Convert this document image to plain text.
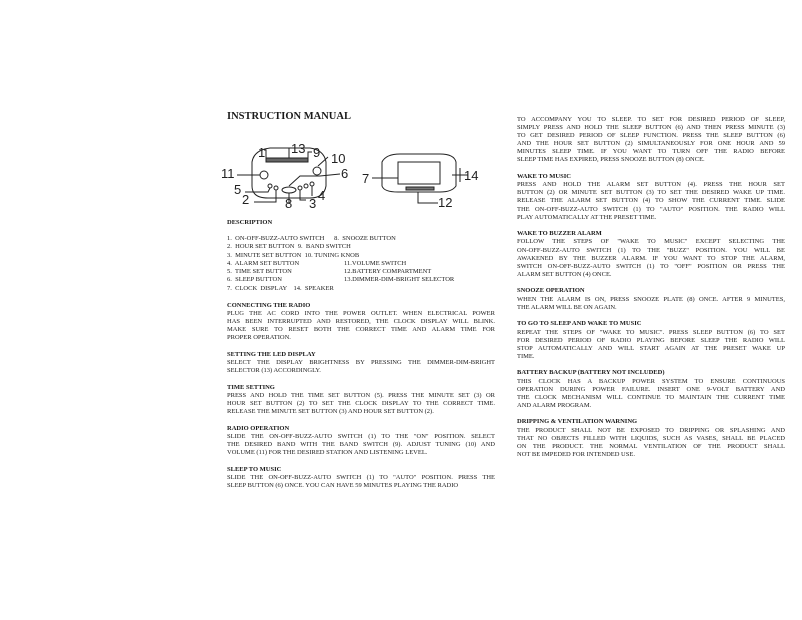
INSTRUCTION MANUAL
1 13 9 10
11	6
5
2	8 3
4
7	14
12
DESCRIPTION
1.  ON-OFF-BUZZ-AUTO SWITCH      8.  SNOOZE BUTTON
2.  HOUR SET BUTTON  9.  BAND SWITCH
3.  MINUTE SET BUTTON  10. TUNING KNOB
4.  ALARM SET BUTTON	11.VOLUME SWITCH
5.  TIME SET BUTTON	12.BATTERY COMPARTMENT
6.  SLEEP BUTTON	13.DIMMER-DIM-BRIGHT SELECTOR
7.  CLOCK  DISPLAY    14.  SPEAKER
CONNECTING THE RADIO
PLUG THE AC CORD INTO THE POWER OUTLET. WHEN ELECTRICAL POWER
HAS BEEN INTERRUPTED AND RESTORED, THE CLOCK DISPLAY WILL BLINK.
MAKE SURE TO RESET BOTH THE CORRECT TIME AND ALARM TIME FOR
PROPER OPERATION.
SETTING THE LED DISPLAY
SELECT THE DISPLAY BRIGHTNESS BY PRESSING THE DIMMER-DIM-BRIGHT
SELECTOR (13) ACCORDINGLY.
TIME SETTING
PRESS AND HOLD THE TIME SET BUTTON (5). PRESS THE MINUTE SET (3) OR
HOUR SET BUTTON (2) TO SET THE CLOCK DISPLAY TO THE CORRECT TIME.
RELEASE THE MINUTE SET BUTTON (3) AND HOUR SET BUTTON (2).
RADIO OPERATION
SLIDE THE ON-OFF-BUZZ-AUTO SWITCH (1) TO THE "ON" POSITION. SELECT
THE DESIRED BAND WITH THE BAND SWITCH (9). ADJUST TUNING (10) AND
VOLUME (11) FOR THE DESIRED STATION AND LISTENING LEVEL.
SLEEP TO MUSIC
SLIDE THE ON-OFF-BUZZ-AUTO SWITCH (1) TO "AUTO" POSITION. PRESS THE
SLEEP BUTTON (6) ONCE. YOU CAN HAVE 59 MINUTES PLAYING THE RADIO
TO ACCOMPANY YOU TO SLEEP. TO SET FOR DESIRED PERIOD OF SLEEP,
SIMPLY PRESS AND HOLD THE SLEEP BUTTON (6) AND THEN PRESS MINUTE (3)
TO GET DESIRED PERIOD OF SLEEP FUNCTION. PRESS THE SLEEP BUTTON (6)
AND THE HOUR SET BUTTON (2) SIMULTANEOUSLY FOR ONE HOUR AND 59
MINUTES SLEEP TIME. IF YOU WANT TO TURN OFF THE RADIO BEFORE
SLEEP TIME HAS EXPIRED, PRESS SNOOZE BUTTON (8) ONCE.
WAKE TO MUSIC
PRESS AND HOLD THE ALARM SET BUTTON (4). PRESS THE HOUR SET
BUTTON (2) OR MINUTE SET BUTTON (3) TO SET THE DESIRED WAKE UP TIME.
RELEASE THE ALARM SET BUTTON (4) TO SHOW THE CURRENT TIME. SLIDE
THE ON-OFF-BUZZ-AUTO SWITCH (1) TO "AUTO" POSITION. THE RADIO WILL
PLAY AUTOMATICALLY AT THE PRESET TIME.
WAKE TO BUZZER ALARM
FOLLOW THE STEPS OF "WAKE TO MUSIC" EXCEPT SELECTING THE
ON-OFF-BUZZ-AUTO SWITCH (1) TO THE "BUZZ" POSITION. YOU WILL BE
AWAKENED BY THE BUZZER ALARM. IF YOU WANT TO STOP THE ALARM,
SWITCH ON-OFF-BUZZ-AUTO SWITCH (1) TO "OFF" POSITION OR PRESS THE
ALARM SET BUTTON (4) ONCE.
SNOOZE OPERATION
WHEN THE ALARM IS ON, PRESS SNOOZE PLATE (8) ONCE. AFTER 9 MINUTES,
THE ALARM WILL BE ON AGAIN.
TO GO TO SLEEP AND WAKE TO MUSIC
REPEAT THE STEPS OF "WAKE TO MUSIC". PRESS SLEEP BUTTON (6) TO SET
FOR DESIRED PERIOD OF RADIO PLAYING BEFORE SLEEP THE RADIO WILL
STOP AUTOMATICALLY AND WILL START AGAIN AT THE PRESET WAKE UP
TIME.
BATTERY BACKUP (BATTERY NOT INCLUDED)
THIS CLOCK HAS A BACKUP POWER SYSTEM TO ENSURE CONTINUOUS
OPERATION DURING POWER FAILURE. INSERT ONE 9-VOLT BATTERY AND
THE CLOCK MECHANISM WILL CONTINUE TO MAINTAIN THE CURRENT TIME
AND ALARM PROGRAM.
DRIPPING & VENTILATION WARNING
THE PRODUCT SHALL NOT BE EXPOSED TO DRIPPING OR SPLASHING AND
THAT NO OBJECTS FILLED WITH LIQUIDS, SUCH AS VASES, SHALL BE PLACED
ON THE PRODUCT. THE NORMAL VENTILATION OF THE PRODUCT SHALL
NOT BE IMPEDED FOR INTENDED USE.
